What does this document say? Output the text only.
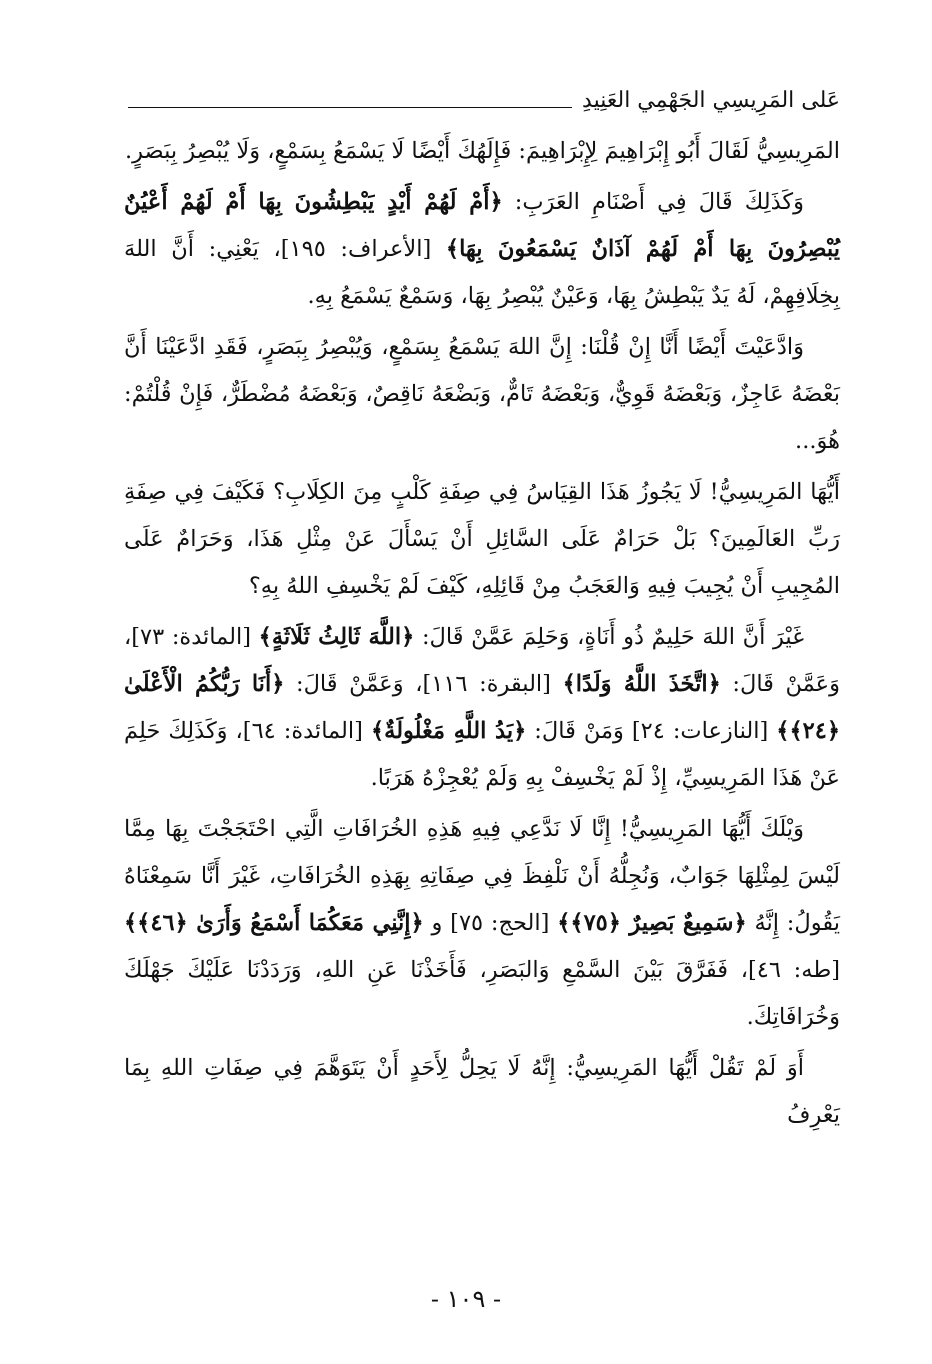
عَلى المَرِيسِي الجَهْمِي العَنِيدِ

المَرِيسِيُّ لَقَالَ أَبُو إِبْرَاهِيمَ لِإِبْرَاهِيمَ: فَإِلَهُكَ أَيْضًا لَا يَسْمَعُ بِسَمْعٍ، وَلَا يُبْصِرُ بِبَصَرٍ.

وَكَذَلِكَ قَالَ فِي أَصْنَامِ العَرَبِ: ﴿أَمْ لَهُمْ أَيْدٍ يَبْطِشُونَ بِهَا أَمْ لَهُمْ أَعْيُنٌ يُبْصِرُونَ بِهَا أَمْ لَهُمْ آذَانٌ يَسْمَعُونَ بِهَا﴾ [الأعراف: ١٩٥]، يَعْنِي: أَنَّ اللهَ بِخِلَافِهِمْ، لَهُ يَدٌ يَبْطِشُ بِهَا، وَعَيْنٌ يُبْصِرُ بِهَا، وَسَمْعٌ يَسْمَعُ بِهِ.

وَادَّعَيْتَ أَيْضًا أَنَّا إِنْ قُلْنَا: إِنَّ اللهَ يَسْمَعُ بِسَمْعٍ، وَيُبْصِرُ بِبَصَرٍ، فَقَدِ ادَّعَيْنَا أَنَّ بَعْضَهُ عَاجِزٌ، وَبَعْضَهُ قَوِيٌّ، وَبَعْضَهُ تَامٌّ، وَبَضْعَهُ نَاقِصٌ، وَبَعْضَهُ مُضْطَرٌّ، فَإِنْ قُلْتُمْ: هُوَ...

أَيُّهَا المَرِيسِيُّ! لَا يَجُوزُ هَذَا القِيَاسُ فِي صِفَةِ كَلْبٍ مِنَ الكِلَابِ؟ فَكَيْفَ فِي صِفَةِ رَبِّ العَالَمِينَ؟ بَلْ حَرَامٌ عَلَى السَّائِلِ أَنْ يَسْأَلَ عَنْ مِثْلِ هَذَا، وَحَرَامٌ عَلَى المُجِيبِ أَنْ يُجِيبَ فِيهِ وَالعَجَبُ مِنْ قَائِلِهِ، كَيْفَ لَمْ يَخْسِفِ اللهُ بِهِ؟

غَيْرَ أَنَّ اللهَ حَلِيمٌ ذُو أَنَاةٍ، وَحَلِمَ عَمَّنْ قَالَ: ﴿اللَّهَ ثَالِثُ ثَلَاثَةٍ﴾ [المائدة: ٧٣]، وَعَمَّنْ قَالَ: ﴿اتَّخَذَ اللَّهُ وَلَدًا﴾ [البقرة: ١١٦]، وَعَمَّنْ قَالَ: ﴿أَنَا رَبُّكُمُ الْأَعْلَىٰ ﴿٢٤﴾﴾ [النازعات: ٢٤] وَمَنْ قَالَ: ﴿يَدُ اللَّهِ مَغْلُولَةٌ﴾ [المائدة: ٦٤]، وَكَذَلِكَ حَلِمَ عَنْ هَذَا المَرِيسِيِّ، إِذْ لَمْ يَخْسِفْ بِهِ وَلَمْ يُعْجِزْهُ هَرَبًا.

وَيْلَكَ أَيُّهَا المَرِيسِيُّ! إِنَّا لَا نَدَّعِي فِيهِ هَذِهِ الخُرَافَاتِ الَّتِي احْتَجَجْتَ بِهَا مِمَّا لَيْسَ لِمِثْلِهَا جَوَابٌ، وَنُجِلُّهُ أَنْ نَلْفِظَ فِي صِفَاتِهِ بِهَذِهِ الخُرَافَاتِ، غَيْرَ أَنَّا سَمِعْنَاهُ يَقُولُ: إِنَّهُ ﴿سَمِيعٌ بَصِيرٌ ﴿٧٥﴾﴾ [الحج: ٧٥] و ﴿إِنَّنِي مَعَكُمَا أَسْمَعُ وَأَرَىٰ ﴿٤٦﴾﴾ [طه: ٤٦]، فَفَرَّقَ بَيْنَ السَّمْعِ وَالبَصَرِ، فَأَخَذْنَا عَنِ اللهِ، وَرَدَدْنَا عَلَيْكَ جَهْلَكَ وَخُرَافَاتِكَ.

أَوَ لَمْ تَقُلْ أَيُّهَا المَرِيسِيُّ: إِنَّهُ لَا يَحِلُّ لِأَحَدٍ أَنْ يَتَوَهَّمَ فِي صِفَاتِ اللهِ بِمَا يَعْرِفُ

- ١٠٩ -
